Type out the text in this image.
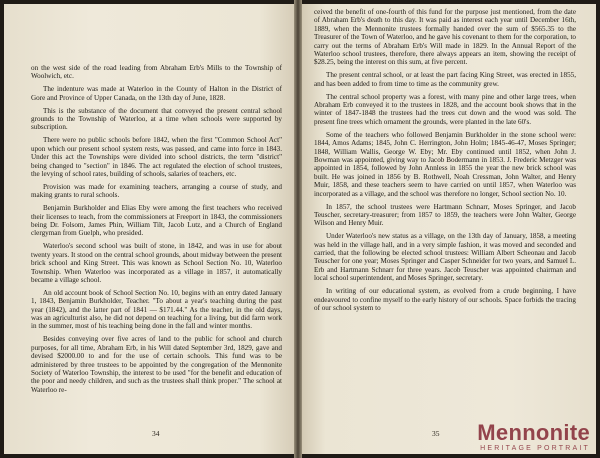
on the west side of the road leading from Abraham Erb's Mills to the Township of Woolwich, etc.

The indenture was made at Waterloo in the County of Halton in the District of Gore and Province of Upper Canada, on the 13th day of June, 1828.

This is the substance of the document that conveyed the present central school grounds to the Township of Waterloo, at a time when schools were supported by subscription.

There were no public schools before 1842, when the first "Common School Act" upon which our present school system rests, was passed, and came into force in 1843. Under this act the Townships were divided into school districts, the term "district" being changed to "section" in 1846. The act regulated the election of school trustees, the levying of school rates, building of schools, salaries of teachers, etc.

Provision was made for examining teachers, arranging a course of study, and making grants to rural schools.

Benjamin Burkholder and Elias Eby were among the first teachers who received their licenses to teach, from the commissioners at Freeport in 1843, the commissioners being Dr. Folsom, James Phin, William Tilt, Jacob Lutz, and a Church of England clergyman from Guelph, who presided.

Waterloo's second school was built of stone, in 1842, and was in use for about twenty years. It stood on the central school grounds, about midway between the present brick school and King Street. This was known as School Section No. 10, Waterloo Township. When Waterloo was incorporated as a village in 1857, it automatically became a village school.

An old account book of School Section No. 10, begins with an entry dated January 1, 1843, Benjamin Burkholder, Teacher. "To about a year's teaching during the past year (1842), and the latter part of 1841 — $171.44." As the teacher, in the old days, was an agriculturist also, he did not depend on teaching for a living, but did farm work in the summer, most of his teaching being done in the fall and winter months.

Besides conveying over five acres of land to the public for school and church purposes, for all time, Abraham Erb, in his Will dated September 3rd, 1829, gave and devised $2000.00 to and for the use of certain schools. This fund was to be administered by three trustees to be appointed by the congregation of the Mennonite Society of Waterloo Township, the interest to be used "for the benefit and education of the poor and needy children, and such as the trustees shall think proper." The school at Waterloo re-

34

ceived the benefit of one-fourth of this fund for the purpose just mentioned, from the date of Abraham Erb's death to this day. It was paid as interest each year until December 16th, 1889, when the Mennonite trustees formally handed over the sum of $565.35 to the Treasurer of the Town of Waterloo, and he gave his covenant to them for the corporation, to carry out the terms of Abraham Erb's Will made in 1829. In the Annual Report of the Waterloo school trustees, therefore, there always appears an item, showing the receipt of $28.25, being the interest on this sum, at five percent.

The present central school, or at least the part facing King Street, was erected in 1855, and has been added to from time to time as the community grew.

The central school property was a forest, with many pine and other large trees, when Abraham Erb conveyed it to the trustees in 1828, and the account book shows that in the winter of 1847-1848 the trustees had the trees cut down and the wood was sold. The present fine trees which ornament the grounds, were planted in the late 60's.

Some of the teachers who followed Benjamin Burkholder in the stone school were: 1844, Amos Adams; 1845, John C. Herrington, John Holm; 1845-46-47, Moses Springer; 1848, William Wallis, George W. Eby; Mr. Eby continued until 1852, when John J. Bowman was appointed, giving way to Jacob Bodermann in 1853. J. Frederic Metzger was appointed in 1854, followed by John Annless in 1855 the year the new brick school was built. He was joined in 1856 by B. Rothwell, Noah Cressman, John Walter, and Henry Muir, 1858, and these teachers seem to have carried on until 1857, when Waterloo was incorporated as a village, and the school was therefore no longer, School section No. 10.

In 1857, the school trustees were Hartmann Schnarr, Moses Springer, and Jacob Teuscher, secretary-treasurer; from 1857 to 1859, the teachers were John Walter, George Wilson and Henry Muir.

Under Waterloo's new status as a village, on the 13th day of January, 1858, a meeting was held in the village hall, and in a very simple fashion, it was moved and seconded and carried, that the following be elected school trustees: William Albert Scheonau and Jacob Teuscher for one year; Moses Springer and Casper Schneider for two years, and Samuel L. Erb and Hartmann Schnarr for three years. Jacob Teuscher was appointed chairman and local school superintendent, and Moses Springer, secretary.

In writing of our educational system, as evolved from a crude beginning, I have endeavoured to confine myself to the early history of our schools. Space forbids the tracing of our school system to

35 Mennonite
HERITAGE PORTRAIT
